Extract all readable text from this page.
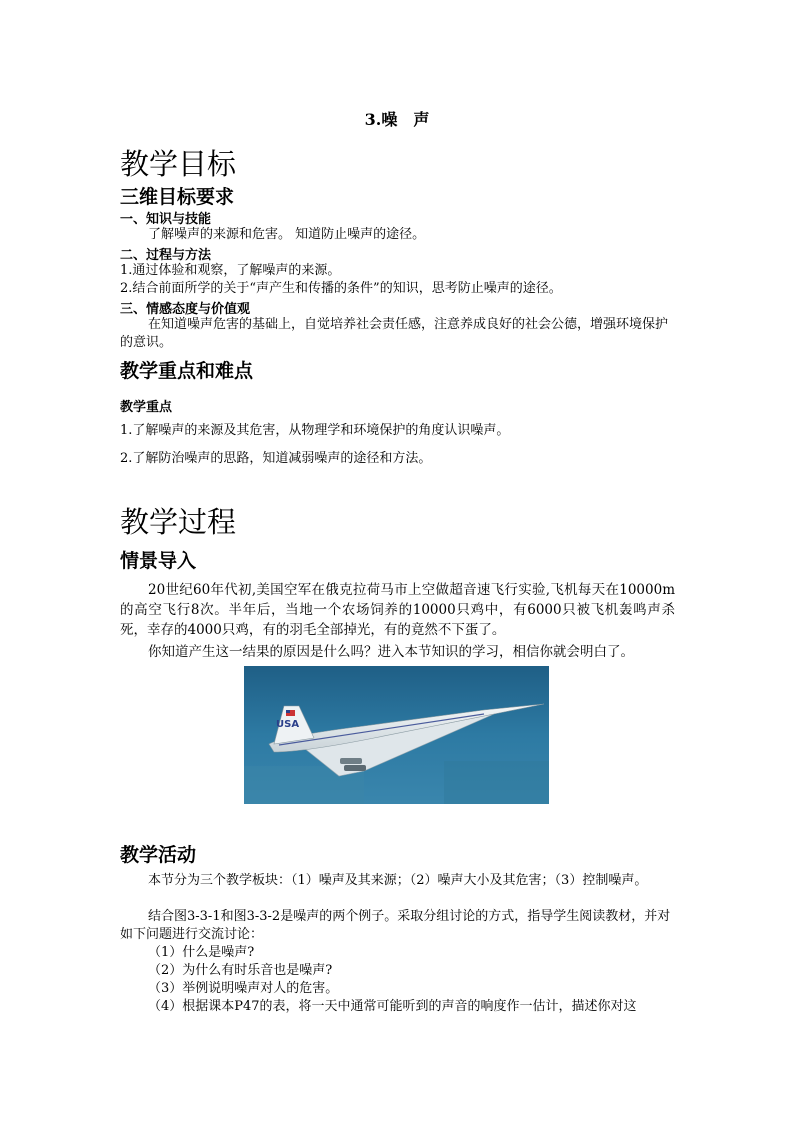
3.噪　声
教学目标
三维目标要求
一、知识与技能
了解噪声的来源和危害。 知道防止噪声的途径。
二、过程与方法
1.通过体验和观察，了解噪声的来源。
2.结合前面所学的关于“声产生和传播的条件”的知识，思考防止噪声的途径。
三、情感态度与价值观
在知道噪声危害的基础上，自觉培养社会责任感，注意养成良好的社会公德，增强环境保护的意识。
教学重点和难点
教学重点
1.了解噪声的来源及其危害，从物理学和环境保护的角度认识噪声。
2.了解防治噪声的思路，知道减弱噪声的途径和方法。
教学过程
情景导入
20世纪60年代初,美国空军在俄克拉荷马市上空做超音速飞行实验,飞机每天在10000m的高空飞行8次。半年后，当地一个农场饲养的10000只鸡中，有6000只被飞机轰鸣声杀死，幸存的4000只鸡，有的羽毛全部掉光，有的竟然不下蛋了。
你知道产生这一结果的原因是什么吗？进入本节知识的学习，相信你就会明白了。
USA
教学活动
本节分为三个教学板块：（1）噪声及其来源；（2）噪声大小及其危害；（3）控制噪声。
结合图3-3-1和图3-3-2是噪声的两个例子。采取分组讨论的方式，指导学生阅读教材，并对如下问题进行交流讨论：
（1）什么是噪声?
（2）为什么有时乐音也是噪声?
（3）举例说明噪声对人的危害。
（4）根据课本P47的表，将一天中通常可能听到的声音的响度作一估计，描述你对这
